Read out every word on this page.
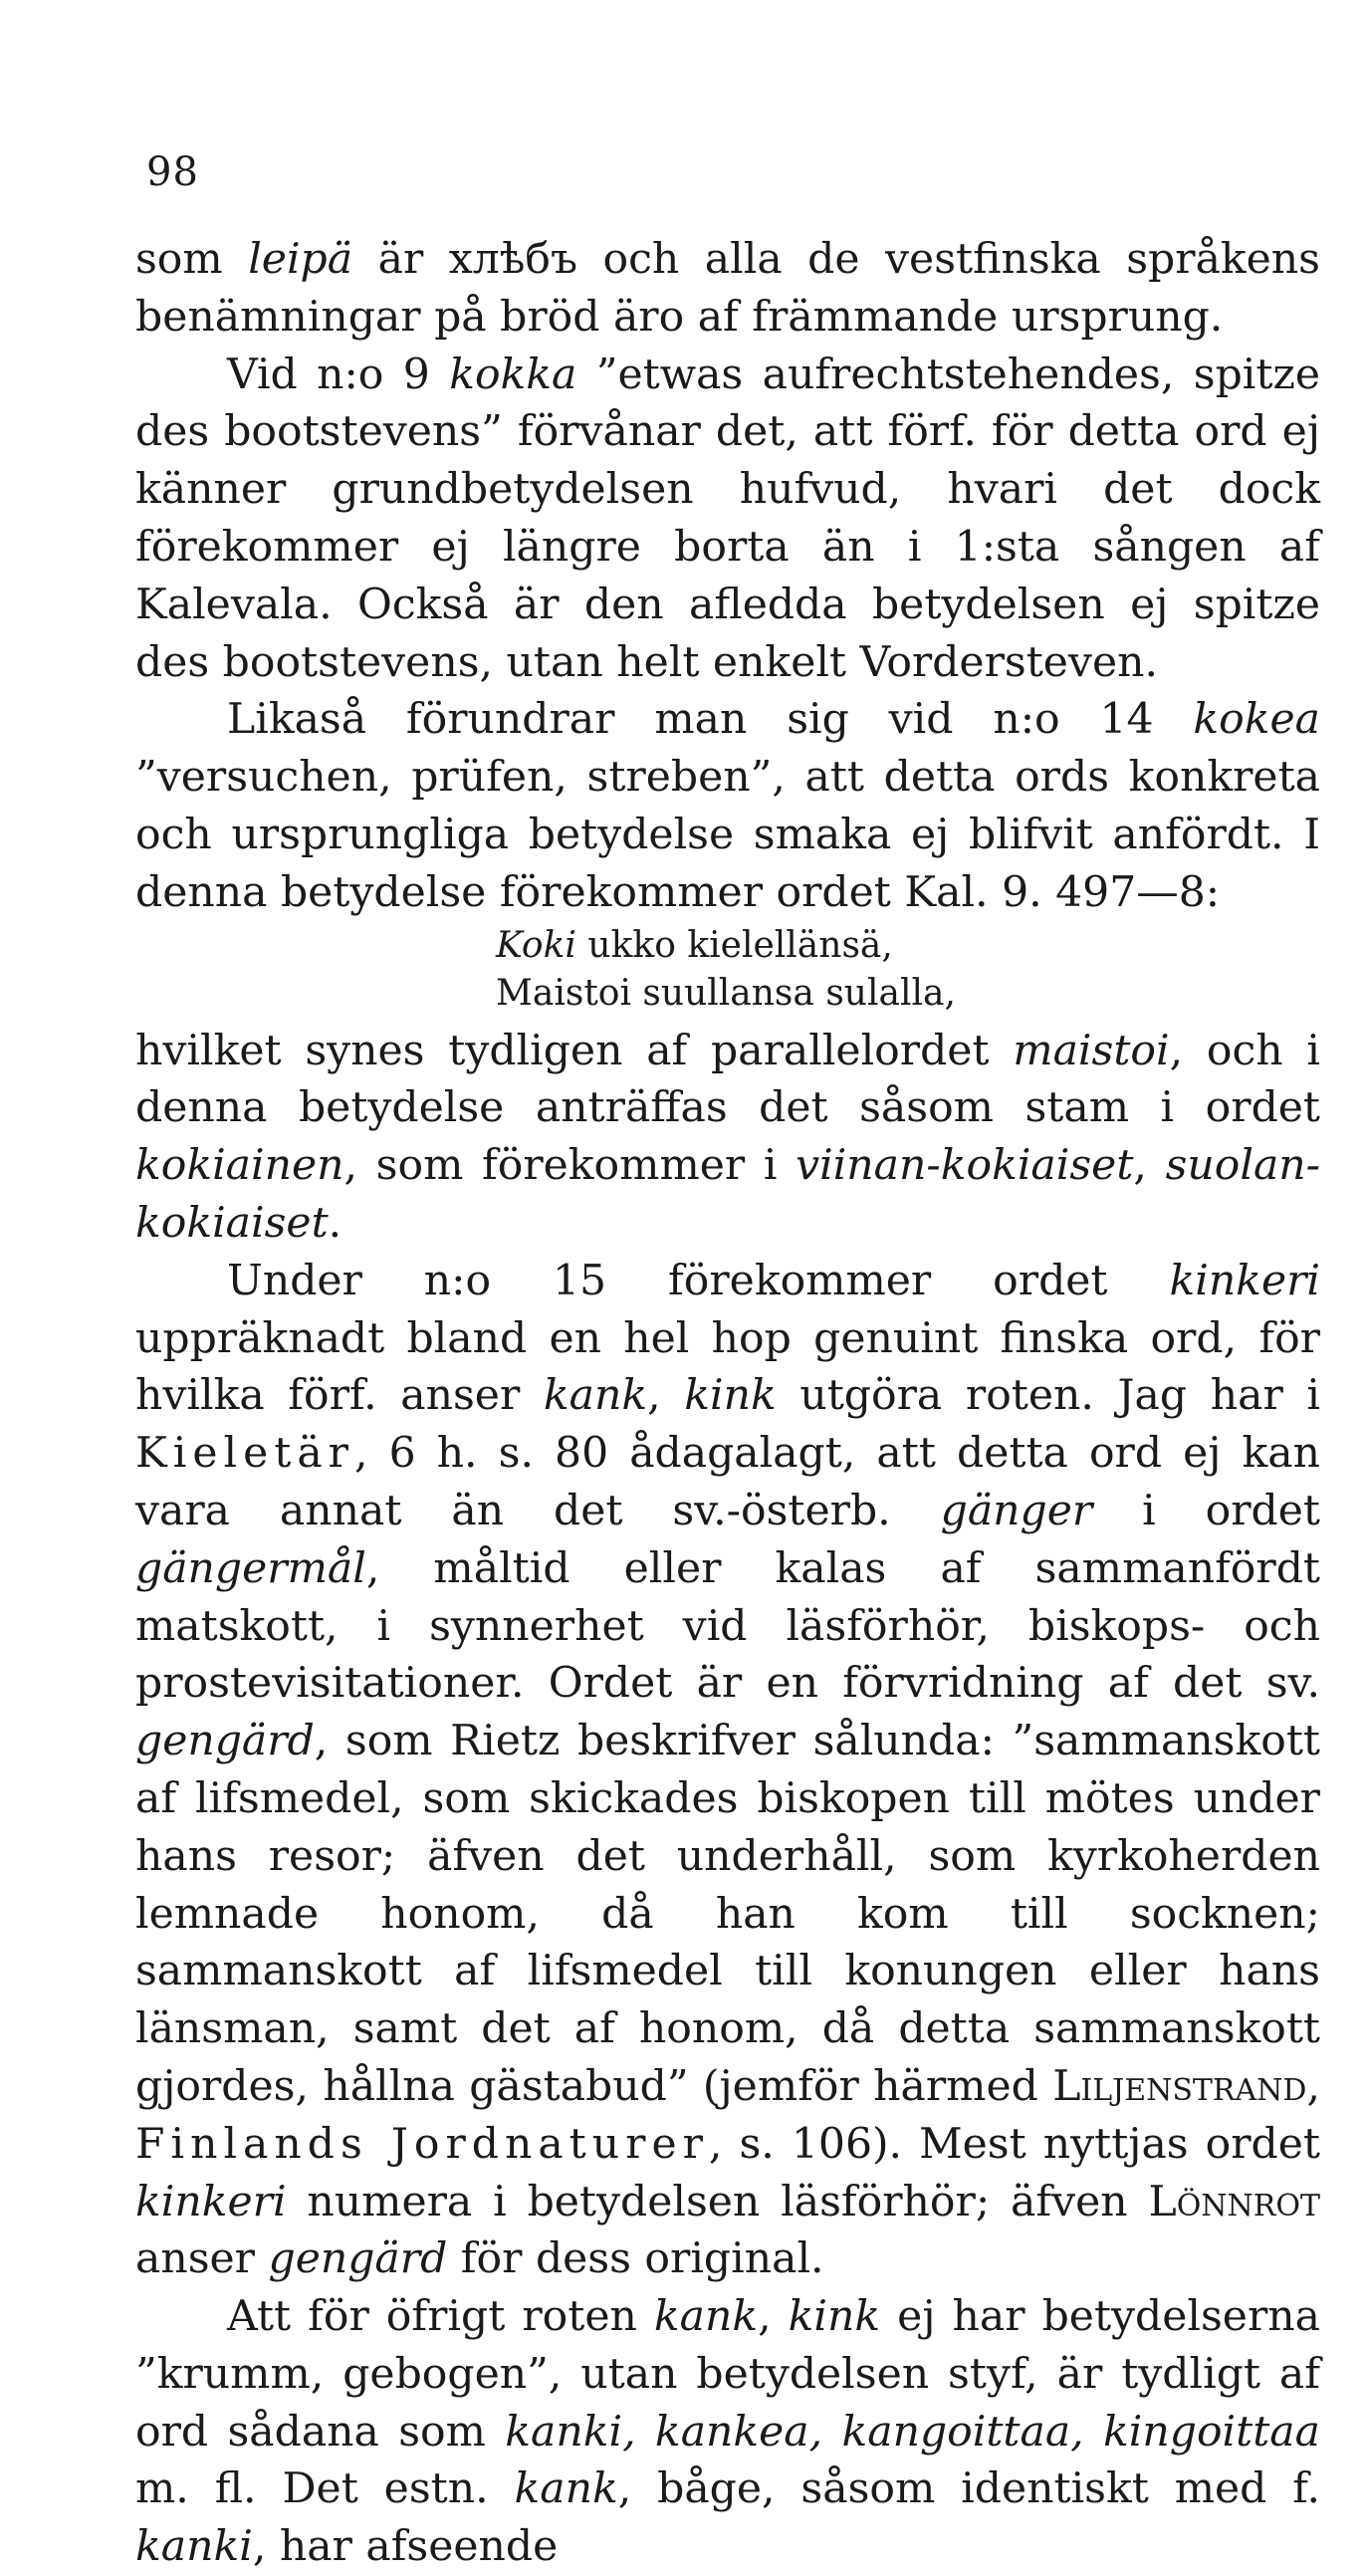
98

som leipä är хлѣбъ och alla de vestfinska språkens benämningar på bröd äro af främmande ursprung.

Vid n:o 9 kokka ”etwas aufrechtstehendes, spitze des bootstevens” förvånar det, att förf. för detta ord ej känner grundbetydelsen hufvud, hvari det dock förekommer ej längre borta än i 1:sta sången af Kalevala. Också är den afledda betydelsen ej spitze des bootstevens, utan helt enkelt Vordersteven.

Likaså förundrar man sig vid n:o 14 kokea ”versuchen, prüfen, streben”, att detta ords konkreta och ursprungliga betydelse smaka ej blifvit anfördt. I denna betydelse förekommer ordet Kal. 9. 497—8:

Koki ukko kielellänsä,

Maistoi suullansa sulalla,

hvilket synes tydligen af parallelordet maistoi, och i denna betydelse anträffas det såsom stam i ordet kokiainen, som förekommer i viinan-kokiaiset, suolan-kokiaiset.

Under n:o 15 förekommer ordet kinkeri uppräknadt bland en hel hop genuint finska ord, för hvilka förf. anser kank, kink utgöra roten. Jag har i Kieletär, 6 h. s. 80 ådagalagt, att detta ord ej kan vara annat än det sv.-österb. gänger i ordet gängermål, måltid eller kalas af sammanfördt matskott, i synnerhet vid läsförhör, biskops- och prostevisitationer. Ordet är en förvridning af det sv. gengärd, som Rietz beskrifver sålunda: ”sammanskott af lifsmedel, som skickades biskopen till mötes under hans resor; äfven det underhåll, som kyrkoherden lemnade honom, då han kom till socknen; sammanskott af lifsmedel till konungen eller hans länsman, samt det af honom, då detta sammanskott gjordes, hållna gästabud” (jemför härmed Liljenstrand, Finlands Jordnaturer, s. 106). Mest nyttjas ordet kinkeri numera i betydelsen läsförhör; äfven Lönnrot anser gengärd för dess original.

Att för öfrigt roten kank, kink ej har betydelserna ”krumm, gebogen”, utan betydelsen styf, är tydligt af ord sådana som kanki, kankea, kangoittaa, kingoittaa m. fl. Det estn. kank, båge, såsom identiskt med f. kanki, har afseende
